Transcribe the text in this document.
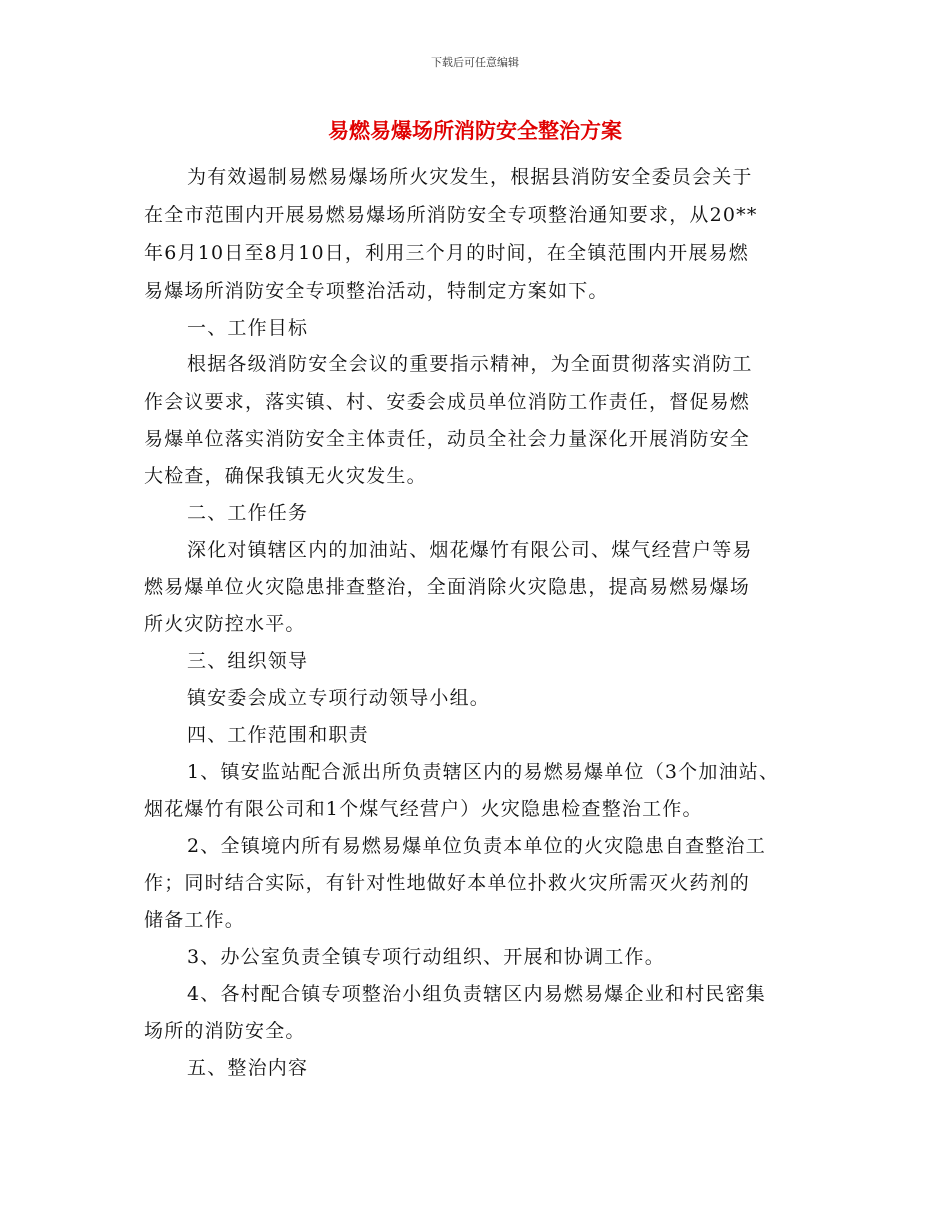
下载后可任意编辑
易燃易爆场所消防安全整治方案
为有效遏制易燃易爆场所火灾发生，根据县消防安全委员会关于
在全市范围内开展易燃易爆场所消防安全专项整治通知要求，从20**
年6月10日至8月10日，利用三个月的时间，在全镇范围内开展易燃
易爆场所消防安全专项整治活动，特制定方案如下。
一、工作目标
根据各级消防安全会议的重要指示精神，为全面贯彻落实消防工
作会议要求，落实镇、村、安委会成员单位消防工作责任，督促易燃
易爆单位落实消防安全主体责任，动员全社会力量深化开展消防安全
大检查，确保我镇无火灾发生。
二、工作任务
深化对镇辖区内的加油站、烟花爆竹有限公司、煤气经营户等易
燃易爆单位火灾隐患排查整治，全面消除火灾隐患，提高易燃易爆场
所火灾防控水平。
三、组织领导
镇安委会成立专项行动领导小组。
四、工作范围和职责
1、镇安监站配合派出所负责辖区内的易燃易爆单位（3个加油站、
烟花爆竹有限公司和1个煤气经营户）火灾隐患检查整治工作。
2、全镇境内所有易燃易爆单位负责本单位的火灾隐患自查整治工
作；同时结合实际，有针对性地做好本单位扑救火灾所需灭火药剂的
储备工作。
3、办公室负责全镇专项行动组织、开展和协调工作。
4、各村配合镇专项整治小组负责辖区内易燃易爆企业和村民密集
场所的消防安全。
五、整治内容
